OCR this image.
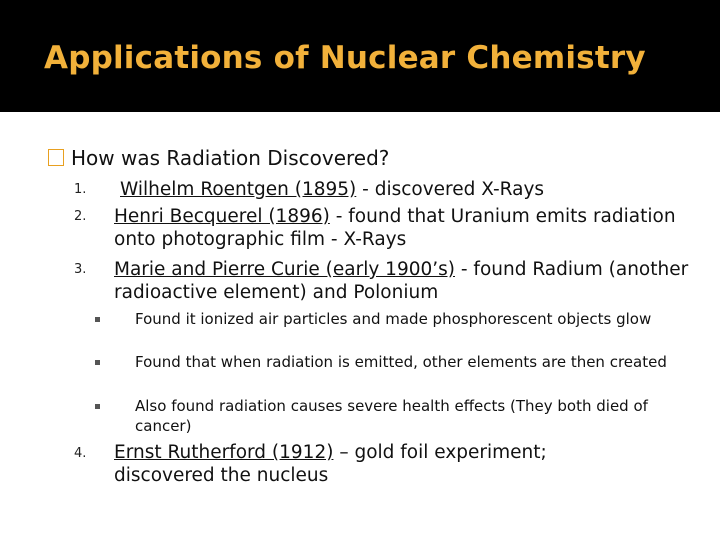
Applications of Nuclear Chemistry
How was Radiation Discovered?
1. Wilhelm Roentgen (1895) - discovered X-Rays
2. Henri Becquerel (1896) - found that Uranium emits radiation onto photographic film - X-Rays
3. Marie and Pierre Curie (early 1900’s) - found Radium (another radioactive element) and Polonium
Found it ionized air particles and made phosphorescent objects glow
Found that when radiation is emitted, other elements are then created
Also found radiation causes severe health effects (They both died of cancer)
4. Ernst Rutherford (1912) – gold foil experiment; discovered the nucleus
